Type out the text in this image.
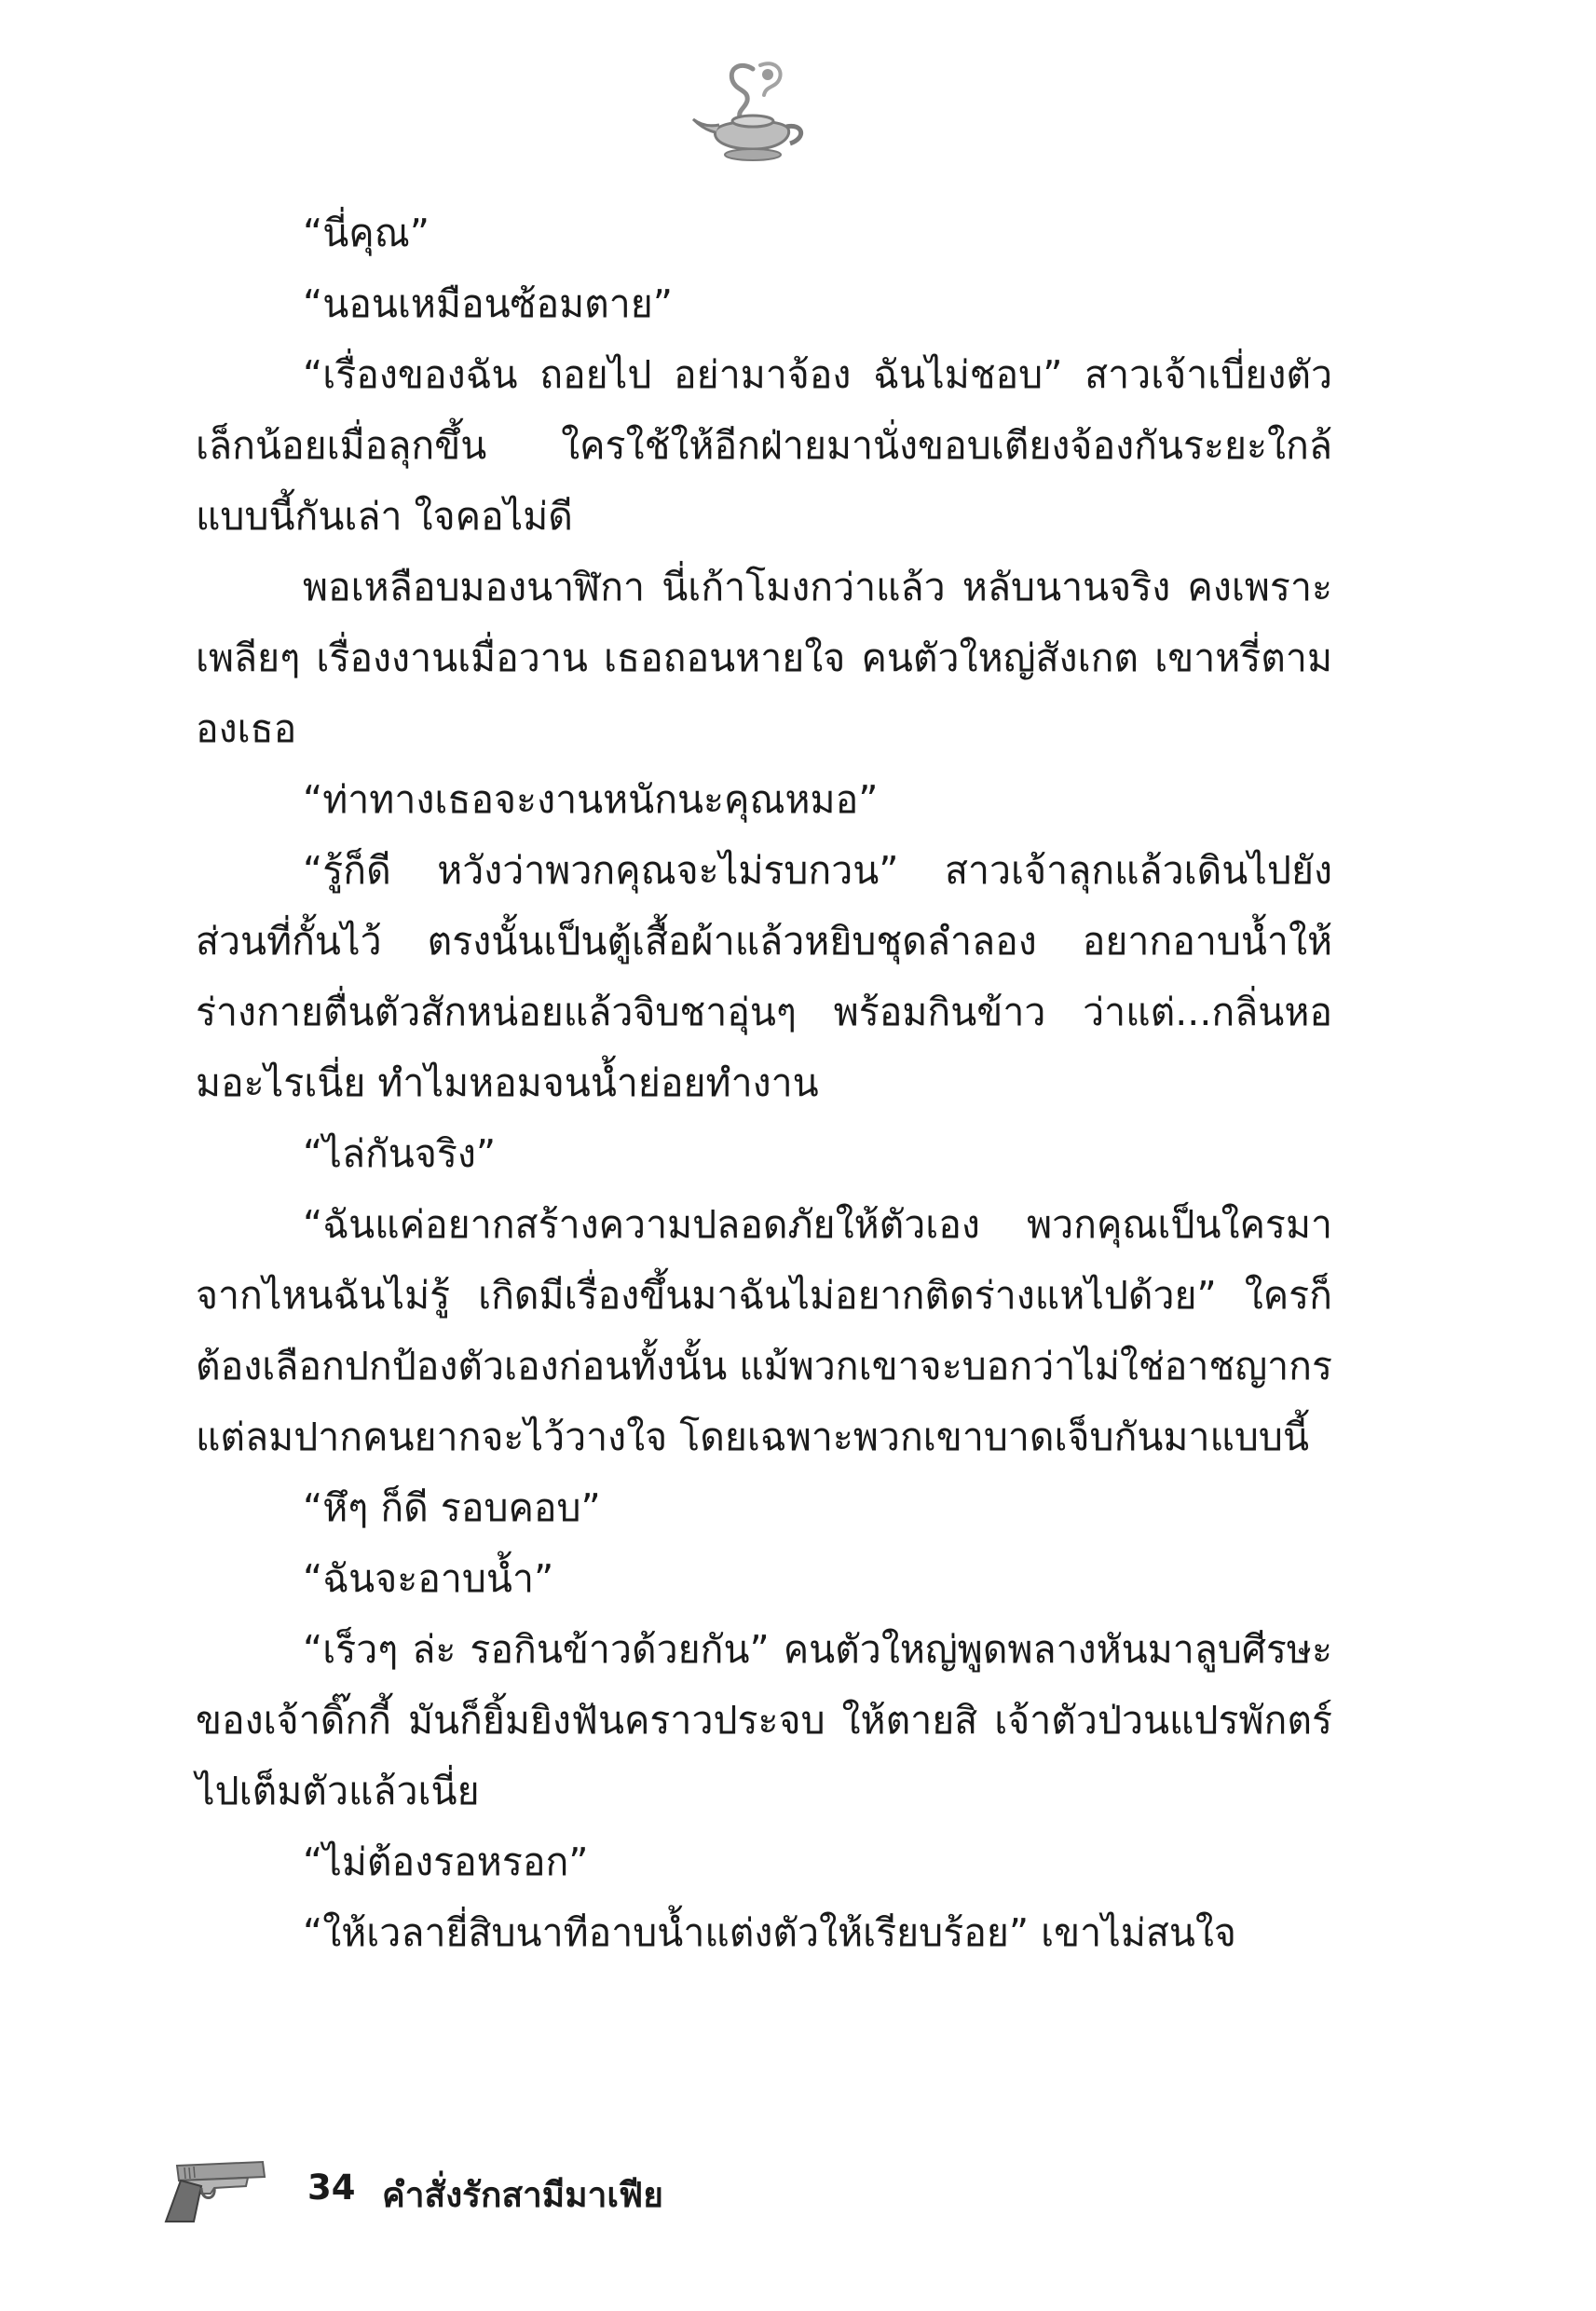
“นี่คุณ”

“นอนเหมือนซ้อมตาย”

“เรื่องของฉัน ถอยไป อย่ามาจ้อง ฉันไม่ชอบ” สาวเจ้าเบี่ยงตัวเล็กน้อยเมื่อลุกขึ้น ใครใช้ให้อีกฝ่ายมานั่งขอบเตียงจ้องกันระยะใกล้แบบนี้กันเล่า ใจคอไม่ดี

พอเหลือบมองนาฬิกา นี่เก้าโมงกว่าแล้ว หลับนานจริง คงเพราะเพลียๆ เรื่องงานเมื่อวาน เธอถอนหายใจ คนตัวใหญ่สังเกต เขาหรี่ตามองเธอ

“ท่าทางเธอจะงานหนักนะคุณหมอ”

“รู้ก็ดี หวังว่าพวกคุณจะไม่รบกวน” สาวเจ้าลุกแล้วเดินไปยังส่วนที่กั้นไว้ ตรงนั้นเป็นตู้เสื้อผ้าแล้วหยิบชุดลำลอง อยากอาบน้ำให้ร่างกายตื่นตัวสักหน่อยแล้วจิบชาอุ่นๆ พร้อมกินข้าว ว่าแต่...กลิ่นหอมอะไรเนี่ย ทำไมหอมจนน้ำย่อยทำงาน

“ไล่กันจริง”

“ฉันแค่อยากสร้างความปลอดภัยให้ตัวเอง พวกคุณเป็นใครมาจากไหนฉันไม่รู้ เกิดมีเรื่องขึ้นมาฉันไม่อยากติดร่างแหไปด้วย” ใครก็ต้องเลือกปกป้องตัวเองก่อนทั้งนั้น แม้พวกเขาจะบอกว่าไม่ใช่อาชญากร แต่ลมปากคนยากจะไว้วางใจ โดยเฉพาะพวกเขาบาดเจ็บกันมาแบบนี้

“หึๆ ก็ดี รอบคอบ”

“ฉันจะอาบน้ำ”

“เร็วๆ ล่ะ รอกินข้าวด้วยกัน” คนตัวใหญ่พูดพลางหันมาลูบศีรษะของเจ้าดิ๊กกี้ มันก็ยิ้มยิงฟันคราวประจบ ให้ตายสิ เจ้าตัวป่วนแปรพักตร์ไปเต็มตัวแล้วเนี่ย

“ไม่ต้องรอหรอก”

“ให้เวลายี่สิบนาทีอาบน้ำแต่งตัวให้เรียบร้อย” เขาไม่สนใจ

34 คำสั่งรักสามีมาเฟีย
